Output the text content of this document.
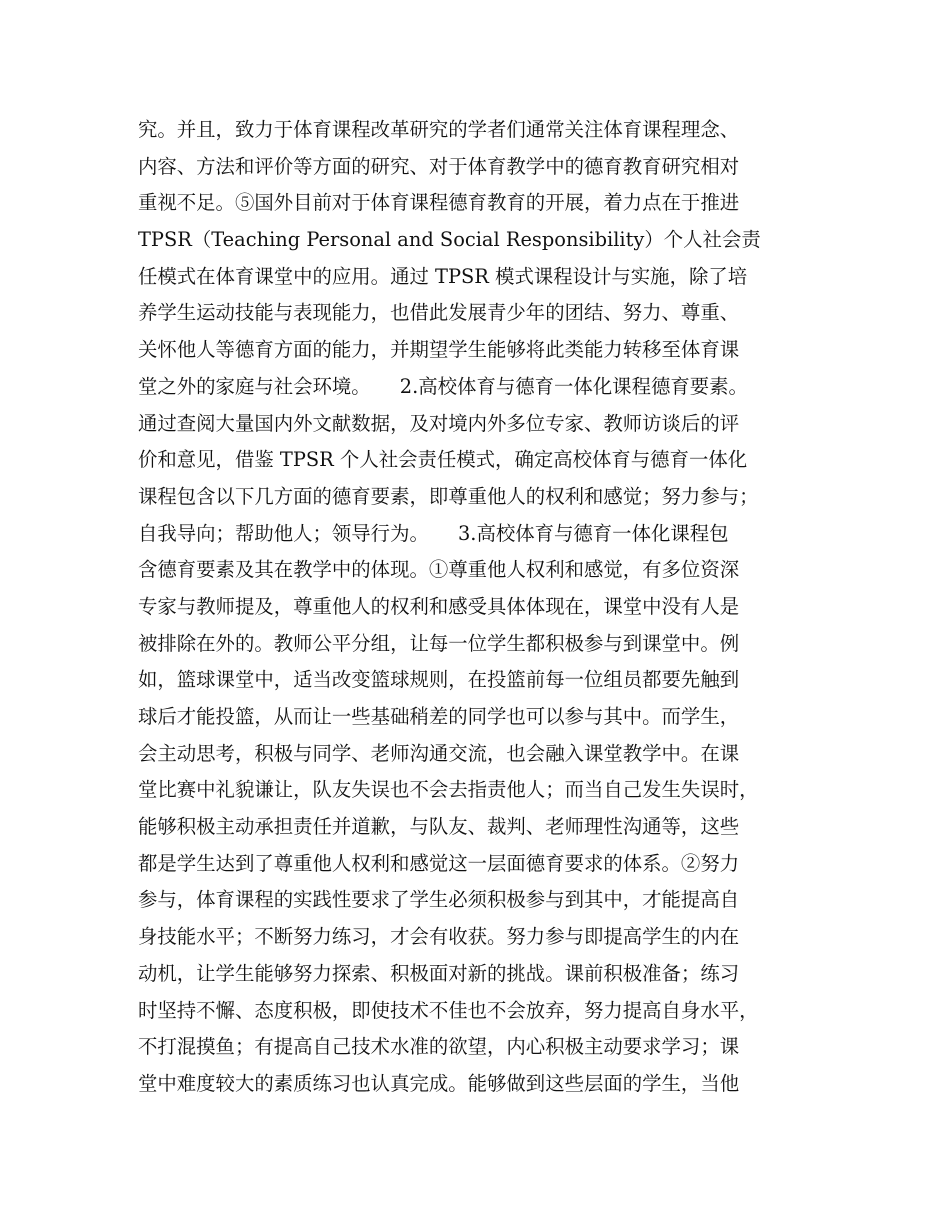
究。并且，致力于体育课程改革研究的学者们通常关注体育课程理念、
内容、方法和评价等方面的研究、对于体育教学中的德育教育研究相对
重视不足。⑤国外目前对于体育课程德育教育的开展，着力点在于推进
TPSR（Teaching Personal and Social Responsibility）个人社会责
任模式在体育课堂中的应用。通过 TPSR 模式课程设计与实施，除了培
养学生运动技能与表现能力，也借此发展青少年的团结、努力、尊重、
关怀他人等德育方面的能力，并期望学生能够将此类能力转移至体育课
堂之外的家庭与社会环境。　　2.高校体育与德育一体化课程德育要素。
通过查阅大量国内外文献数据，及对境内外多位专家、教师访谈后的评
价和意见，借鉴 TPSR 个人社会责任模式，确定高校体育与德育一体化
课程包含以下几方面的德育要素，即尊重他人的权利和感觉；努力参与；
自我导向；帮助他人；领导行为。　　3.高校体育与德育一体化课程包
含德育要素及其在教学中的体现。①尊重他人权利和感觉，有多位资深
专家与教师提及，尊重他人的权利和感受具体体现在，课堂中没有人是
被排除在外的。教师公平分组，让每一位学生都积极参与到课堂中。例
如，篮球课堂中，适当改变篮球规则，在投篮前每一位组员都要先触到
球后才能投篮，从而让一些基础稍差的同学也可以参与其中。而学生，
会主动思考，积极与同学、老师沟通交流，也会融入课堂教学中。在课
堂比赛中礼貌谦让，队友失误也不会去指责他人；而当自己发生失误时，
能够积极主动承担责任并道歉，与队友、裁判、老师理性沟通等，这些
都是学生达到了尊重他人权利和感觉这一层面德育要求的体系。②努力
参与，体育课程的实践性要求了学生必须积极参与到其中，才能提高自
身技能水平；不断努力练习，才会有收获。努力参与即提高学生的内在
动机，让学生能够努力探索、积极面对新的挑战。课前积极准备；练习
时坚持不懈、态度积极，即使技术不佳也不会放弃，努力提高自身水平，
不打混摸鱼；有提高自己技术水准的欲望，内心积极主动要求学习；课
堂中难度较大的素质练习也认真完成。能够做到这些层面的学生，当他
